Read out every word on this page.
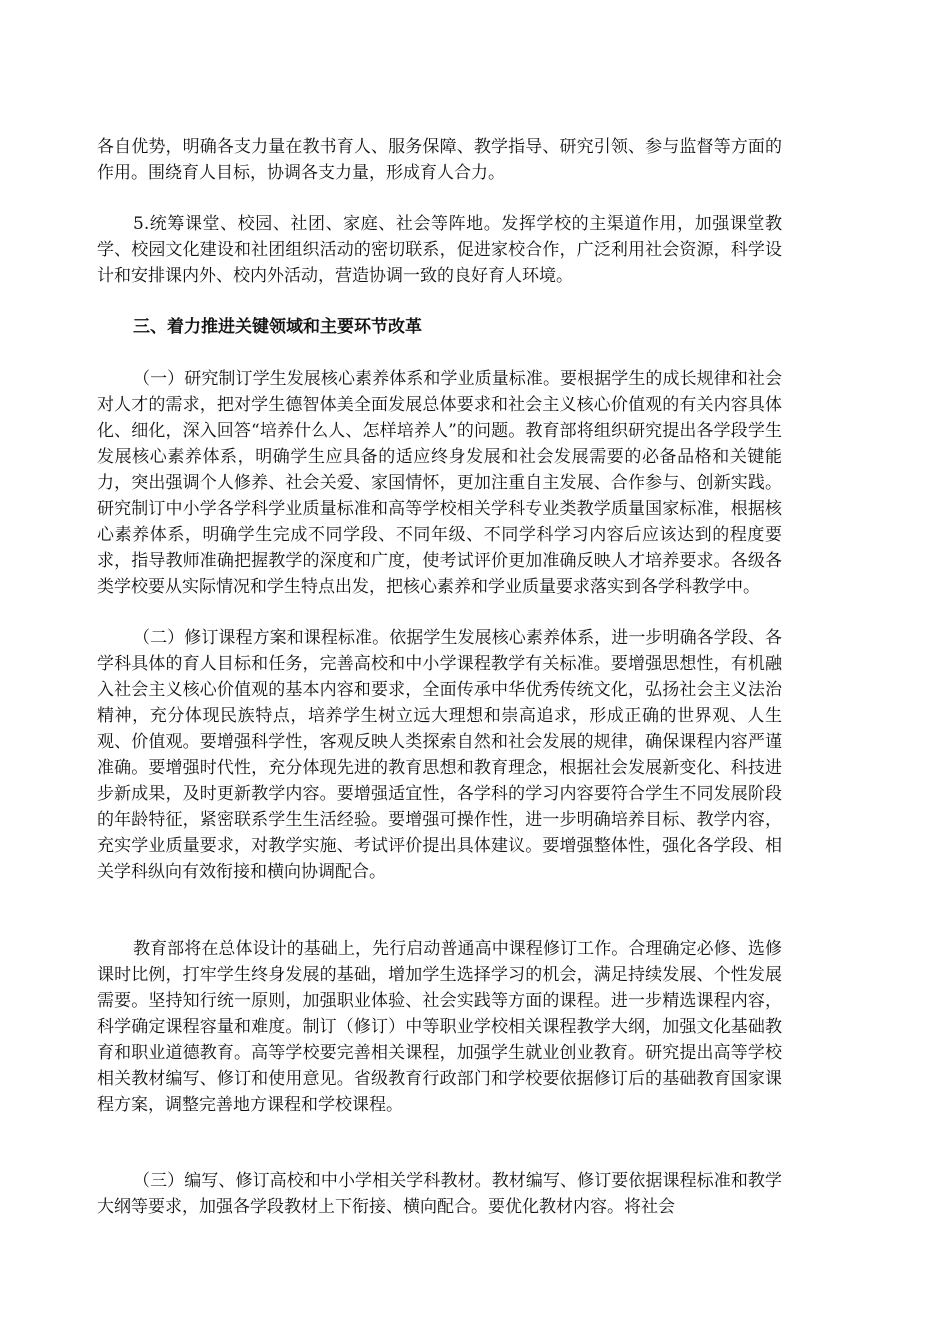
各自优势，明确各支力量在教书育人、服务保障、教学指导、研究引领、参与监督等方面的作用。围绕育人目标，协调各支力量，形成育人合力。

5.统筹课堂、校园、社团、家庭、社会等阵地。发挥学校的主渠道作用，加强课堂教学、校园文化建设和社团组织活动的密切联系，促进家校合作，广泛利用社会资源，科学设计和安排课内外、校内外活动，营造协调一致的良好育人环境。

三、着力推进关键领域和主要环节改革

（一）研究制订学生发展核心素养体系和学业质量标准。要根据学生的成长规律和社会对人才的需求，把对学生德智体美全面发展总体要求和社会主义核心价值观的有关内容具体化、细化，深入回答“培养什么人、怎样培养人”的问题。教育部将组织研究提出各学段学生发展核心素养体系，明确学生应具备的适应终身发展和社会发展需要的必备品格和关键能力，突出强调个人修养、社会关爱、家国情怀，更加注重自主发展、合作参与、创新实践。研究制订中小学各学科学业质量标准和高等学校相关学科专业类教学质量国家标准，根据核心素养体系，明确学生完成不同学段、不同年级、不同学科学习内容后应该达到的程度要求，指导教师准确把握教学的深度和广度，使考试评价更加准确反映人才培养要求。各级各类学校要从实际情况和学生特点出发，把核心素养和学业质量要求落实到各学科教学中。

（二）修订课程方案和课程标准。依据学生发展核心素养体系，进一步明确各学段、各学科具体的育人目标和任务，完善高校和中小学课程教学有关标准。要增强思想性，有机融入社会主义核心价值观的基本内容和要求，全面传承中华优秀传统文化，弘扬社会主义法治精神，充分体现民族特点，培养学生树立远大理想和崇高追求，形成正确的世界观、人生观、价值观。要增强科学性，客观反映人类探索自然和社会发展的规律，确保课程内容严谨准确。要增强时代性，充分体现先进的教育思想和教育理念，根据社会发展新变化、科技进步新成果，及时更新教学内容。要增强适宜性，各学科的学习内容要符合学生不同发展阶段的年龄特征，紧密联系学生生活经验。要增强可操作性，进一步明确培养目标、教学内容，充实学业质量要求，对教学实施、考试评价提出具体建议。要增强整体性，强化各学段、相关学科纵向有效衔接和横向协调配合。

教育部将在总体设计的基础上，先行启动普通高中课程修订工作。合理确定必修、选修课时比例，打牢学生终身发展的基础，增加学生选择学习的机会，满足持续发展、个性发展需要。坚持知行统一原则，加强职业体验、社会实践等方面的课程。进一步精选课程内容，科学确定课程容量和难度。制订（修订）中等职业学校相关课程教学大纲，加强文化基础教育和职业道德教育。高等学校要完善相关课程，加强学生就业创业教育。研究提出高等学校相关教材编写、修订和使用意见。省级教育行政部门和学校要依据修订后的基础教育国家课程方案，调整完善地方课程和学校课程。

（三）编写、修订高校和中小学相关学科教材。教材编写、修订要依据课程标准和教学大纲等要求，加强各学段教材上下衔接、横向配合。要优化教材内容。将社会
